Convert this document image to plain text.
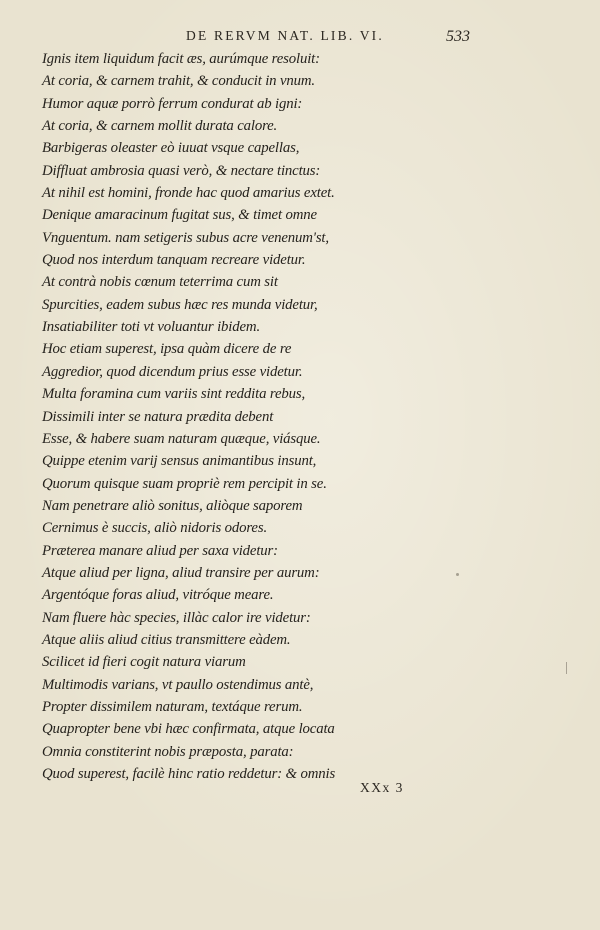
DE RERVM NAT. LIB. VI.	533
Ignis item liquidum facit æs, aurúmque resoluit:
At coria, & carnem trahit, & conducit in vnum.
Humor aquæ porrò ferrum condurat ab igni:
At coria, & carnem mollit durata calore.
Barbigeras oleaster eò iuuat vsque capellas,
Diffluat ambrosia quasi verò, & nectare tinctus:
At nihil est homini, fronde hac quod amarius extet.
Denique amaracinum fugitat sus, & timet omne
Vnguentum. nam setigeris subus acre venenum'st,
Quod nos interdum tanquam recreare videtur.
At contrà nobis cœnum teterrima cum sit
Spurcities, eadem subus hæc res munda videtur,
Insatiabiliter toti vt voluantur ibidem.
Hoc etiam superest, ipsa quàm dicere de re
Aggredior, quod dicendum prius esse videtur.
Multa foramina cum variis sint reddita rebus,
Dissimili inter se natura prædita debent
Esse, & habere suam naturam quæque, viásque.
Quippe etenim varij sensus animantibus insunt,
Quorum quisque suam propriè rem percipit in se.
Nam penetrare aliò sonitus, aliòque saporem
Cernimus è succis, aliò nidoris odores.
Præterea manare aliud per saxa videtur:
Atque aliud per ligna, aliud transire per aurum:
Argentóque foras aliud, vitróque meare.
Nam fluere hàc species, illàc calor ire videtur:
Atque aliis aliud citius transmittere eàdem.
Scilicet id fieri cogit natura viarum
Multimodis varians, vt paullo ostendimus antè,
Propter dissimilem naturam, textáque rerum.
Quapropter bene vbi hæc confirmata, atque locata
Omnia constiterint nobis præposta, parata:
Quod superest, facilè hinc ratio reddetur: & omnis
XXx 3
